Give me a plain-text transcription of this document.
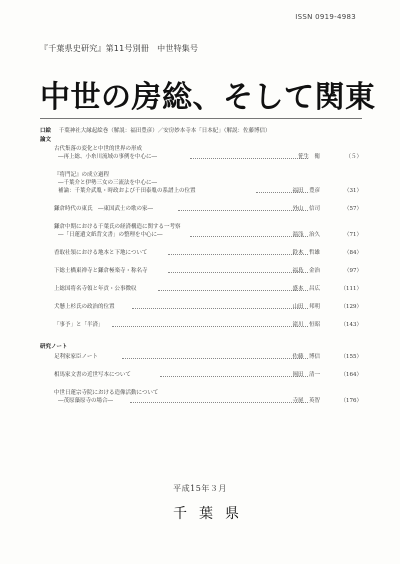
ISSN 0919-4983
『千葉県史研究』第11号別冊　中世特集号
中世の房総、そして関東
口絵 千葉神社大縁起絵巻（解説：福田豊彦）／安房妙本寺本「日本紀」（解説：佐藤博信）
論文
古代集落の変化と中世的世界の形成
―再上総、小糸川流域の事例を中心に―	笹生　衛	（５）
『将門記』の成立過程
―千葉介と伊勢三女の三流法を中心に―
補論：千葉介武胤・時政および千田泰胤の系譜上の位置	福田　豊彦	（31）
鎌倉時代の東氏　―東国武士の歌の家―	外山　信司	（57）
鎌倉中期における千葉氏の経済構造に関する一考察
―「日蓮遺文紙背文書」の整理を中心に―	湯浅　治久	（71）
香取社領における地本と下地について	鈴木　哲雄	（84）
下総土橋東禅寺と鎌倉極楽寺・称名寺	福島　金治	（97）
上総国将名寺領と年貢・公事徴収	盛本　昌広	（111）
犬懸上杉氏の政治的位置	山田　邦明	（129）
「事予」と「半済」	滝川　恒昭	（143）
研究ノート
足利家家臣ノート	佐藤　博信	（155）
相馬家文書の近世写本について	岡田　清一	（164）
中世日蓮宗寺院における造像活動について
―茂原藻原寺の場合―	寺尾　英智	（176）
平成15年３月
千葉県
